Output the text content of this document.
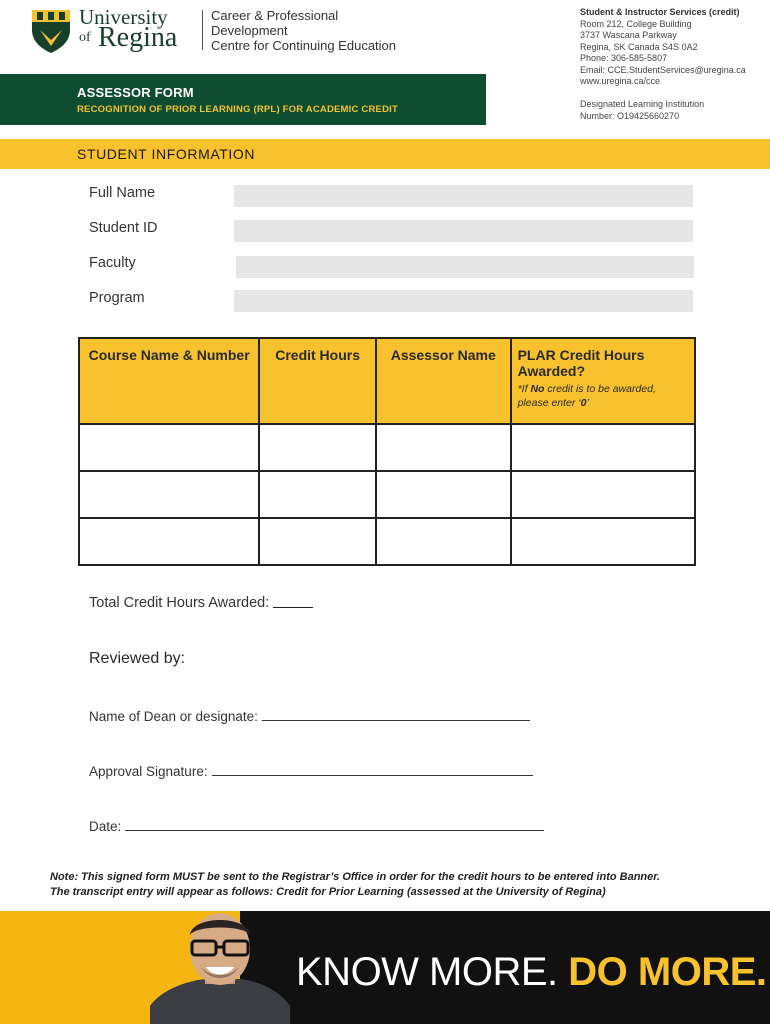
University
of Regina
Career & Professional
Development
Centre for Continuing Education
Student & Instructor Services (credit)
Room 212, College Building
3737 Wascana Parkway
Regina, SK Canada S4S 0A2
Phone: 306-585-5807
Email: CCE.StudentServices@uregina.ca
www.uregina.ca/cce
Designated Learning Institution
Number: O19425660270
ASSESSOR FORM
RECOGNITION OF PRIOR LEARNING (RPL) FOR ACADEMIC CREDIT
STUDENT INFORMATION
Full Name
Student ID
Faculty
Program
Course Name & Number	Credit Hours	Assessor Name	PLAR Credit Hours Awarded?
*If No credit is to be awarded, please enter ‘0’

Total Credit Hours Awarded:
Reviewed by:
Name of Dean or designate:
Approval Signature:
Date:
Note: This signed form MUST be sent to the Registrar’s Office in order for the credit hours to be entered into Banner.
The transcript entry will appear as follows: Credit for Prior Learning (assessed at the University of Regina)
KNOW MORE. DO MORE.
